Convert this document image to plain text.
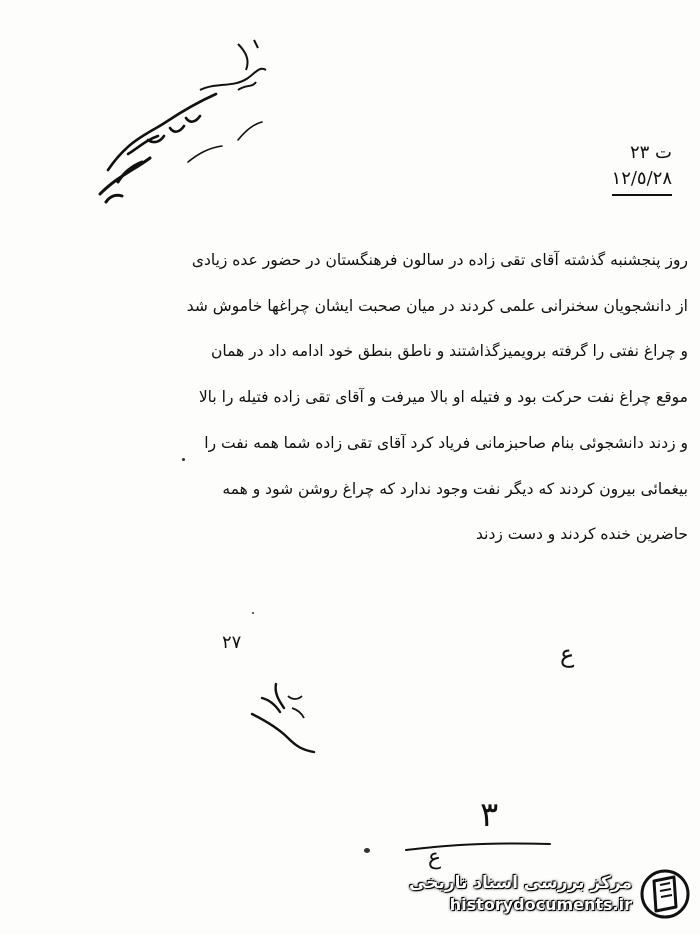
ت ٢٣
١٢/٥/٢٨
روز پنجشنبه گذشته آقای تقی زاده در سالون فرهنگستان در حضور عده زیادی
از دانشجویان سخنرانی علمی کردند در میان صحبت ایشان چراغها خاموش شد
و چراغ نفتی را گرفته برویمیزگذاشتند و ناطق بنطق خود ادامه داد در همان
موقع چراغ نفت حرکت بود و فتیله او بالا میرفت و آقای تقی زاده فتیله را بالا
و زدند دانشجوئی بنام صاحبزمانی فریاد کرد آقای تقی زاده شما همه نفت را
بیغمائی بیرون کردند که دیگر نفت وجود ندارد که چراغ روشن شود و همه
حاضرین خنده کردند و دست زدند
٢٧	ع
٣
ع
مرکز بررسی اسناد تاریخی
historydocuments.ir
